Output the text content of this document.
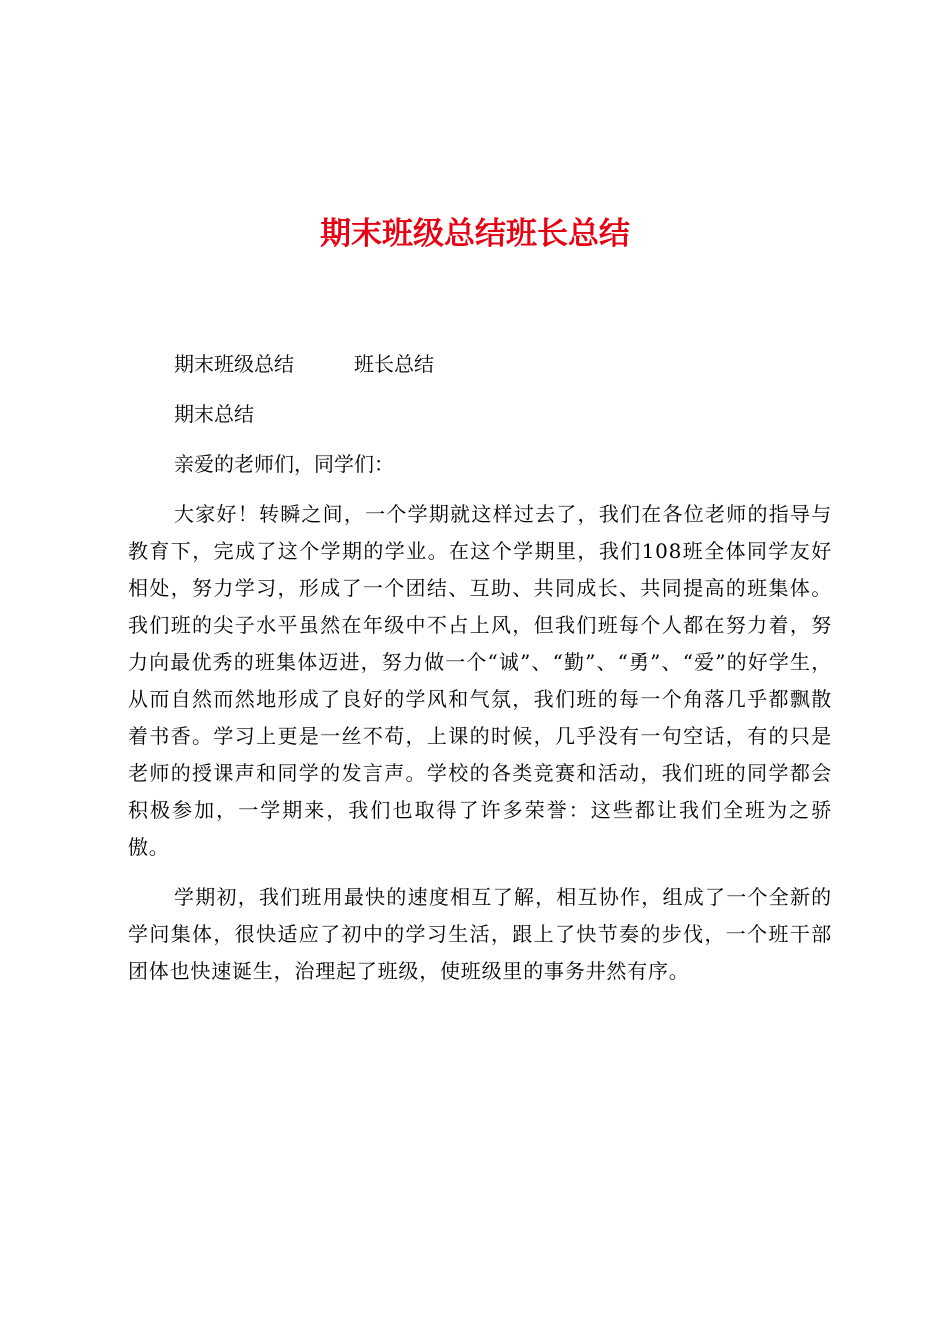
期末班级总结班长总结

期末班级总结　　　班长总结

期末总结

亲爱的老师们，同学们：

大家好！转瞬之间，一个学期就这样过去了，我们在各位老师的指导与教育下，完成了这个学期的学业。在这个学期里，我们108班全体同学友好相处，努力学习，形成了一个团结、互助、共同成长、共同提高的班集体。我们班的尖子水平虽然在年级中不占上风，但我们班每个人都在努力着，努力向最优秀的班集体迈进，努力做一个“诚”、“勤”、“勇”、“爱”的好学生，从而自然而然地形成了良好的学风和气氛，我们班的每一个角落几乎都飘散着书香。学习上更是一丝不苟，上课的时候，几乎没有一句空话，有的只是老师的授课声和同学的发言声。学校的各类竞赛和活动，我们班的同学都会积极参加，一学期来，我们也取得了许多荣誉：这些都让我们全班为之骄傲。

学期初，我们班用最快的速度相互了解，相互协作，组成了一个全新的学问集体，很快适应了初中的学习生活，跟上了快节奏的步伐，一个班干部团体也快速诞生，治理起了班级，使班级里的事务井然有序。
